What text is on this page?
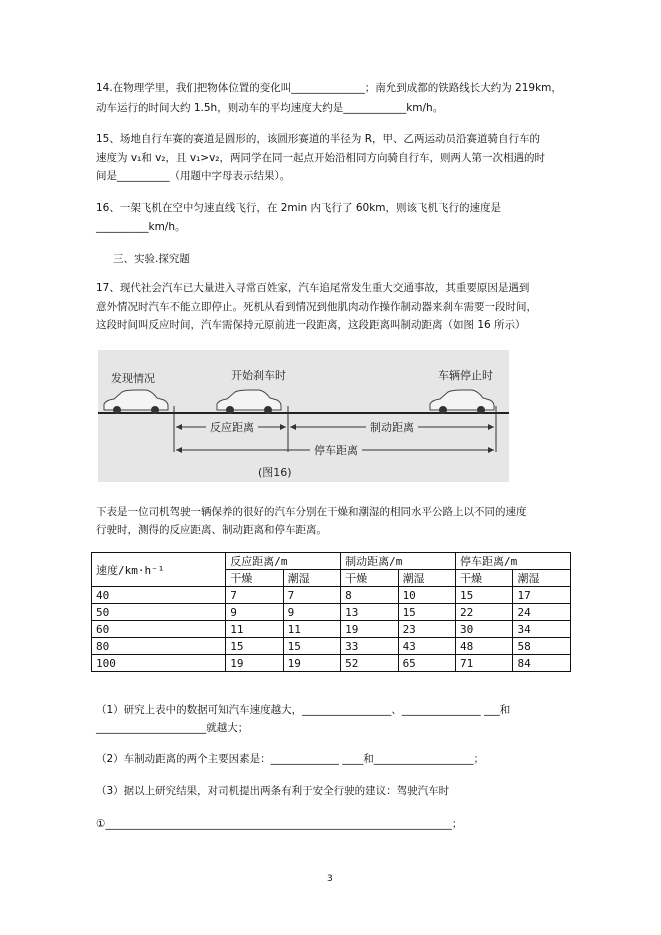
14.在物理学里，我们把物体位置的变化叫______________；南允到成都的铁路线长大约为 219km，
动车运行的时间大约 1.5h，则动车的平均速度大约是____________km/h。
15、场地自行车赛的赛道是圆形的，该圆形赛道的半径为 R，甲、乙两运动员沿赛道骑自行车的
速度为 v₁和 v₂，且 v₁>v₂，两同学在同一起点开始沿相同方向骑自行车，则两人第一次相遇的时
间是__________（用题中字母表示结果）。
16、一架飞机在空中匀速直线飞行，在 2min 内飞行了 60km，则该飞机飞行的速度是
__________km/h。
三、实验.探究题
17、现代社会汽车已大量进入寻常百姓家，汽车追尾常发生重大交通事故，其重要原因是遇到
意外情况时汽车不能立即停止。死机从看到情况到他肌肉动作操作制动器来刹车需要一段时间，
这段时间叫反应时间，汽车需保持元原前进一段距离，这段距离叫制动距离（如图 16 所示）
发现情况	开始刹车时	车辆停止时
反应距离	制动距离
停车距离
(图16)
下表是一位司机驾驶一辆保养的很好的汽车分别在干燥和潮湿的相同水平公路上以不同的速度
行驶时，测得的反应距离、制动距离和停车距离。
速度/km·h⁻¹	反应距离/m		制动距离/m		停车距离/m	
	干燥	潮湿	干燥	潮湿	干燥	潮湿
40	7	7	8	10	15	17
50	9	9	13	15	22	24
60	11	11	19	23	30	34
80	15	15	33	43	48	58
100	19	19	52	65	71	84
（1）研究上表中的数据可知汽车速度越大，_________________、_______________ ___和
_____________________就越大；
（2）车制动距离的两个主要因素是：_____________ ____和___________________；
（3）据以上研究结果，对司机提出两条有利于安全行驶的建议：驾驶汽车时
①__________________________________________________________________；
3
